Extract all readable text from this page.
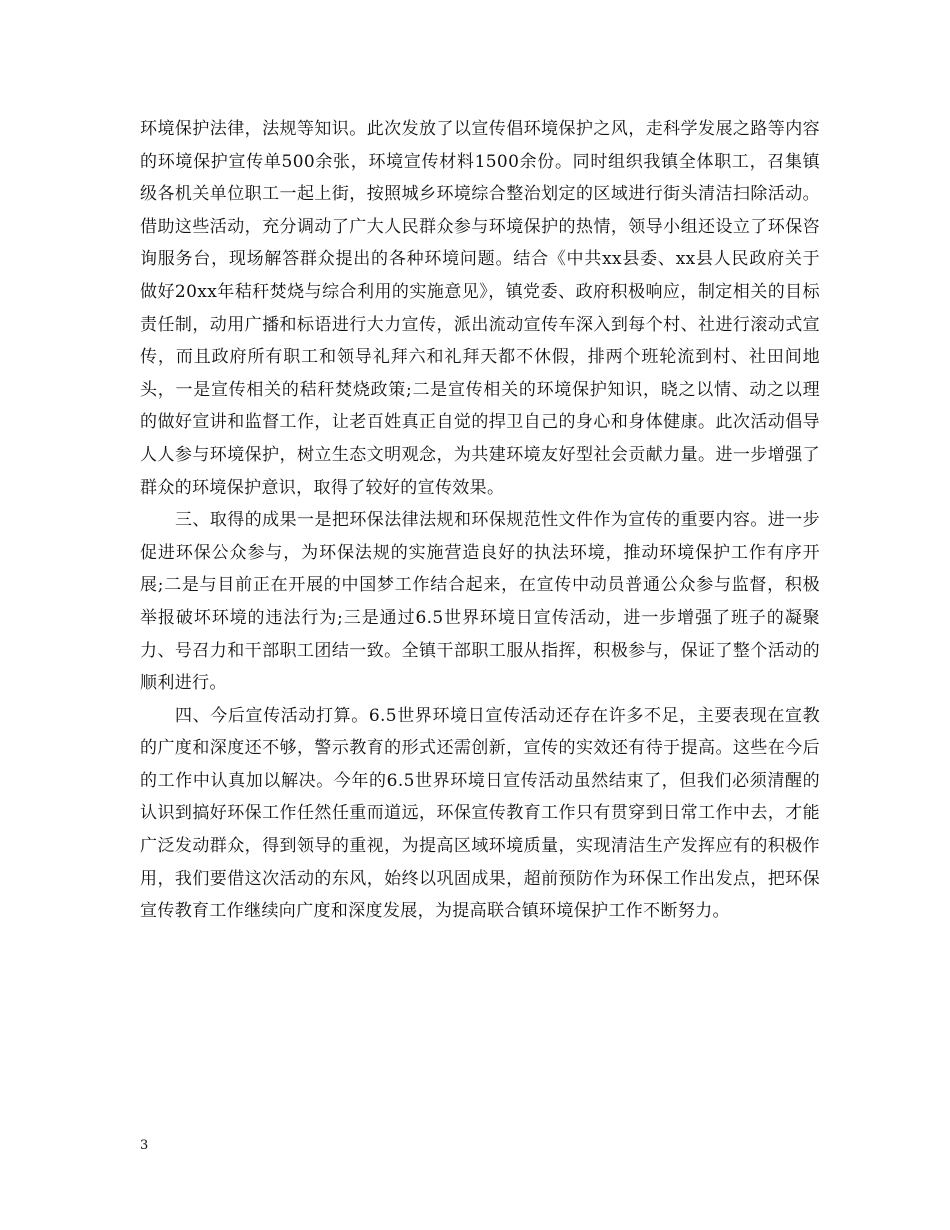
环境保护法律，法规等知识。此次发放了以宣传倡环境保护之风，走科学发展之路等内容的环境保护宣传单500余张，环境宣传材料1500余份。同时组织我镇全体职工，召集镇级各机关单位职工一起上街，按照城乡环境综合整治划定的区域进行街头清洁扫除活动。借助这些活动，充分调动了广大人民群众参与环境保护的热情，领导小组还设立了环保咨询服务台，现场解答群众提出的各种环境问题。结合《中共xx县委、xx县人民政府关于做好20xx年秸秆焚烧与综合利用的实施意见》，镇党委、政府积极响应，制定相关的目标责任制，动用广播和标语进行大力宣传，派出流动宣传车深入到每个村、社进行滚动式宣传，而且政府所有职工和领导礼拜六和礼拜天都不休假，排两个班轮流到村、社田间地头，一是宣传相关的秸秆焚烧政策;二是宣传相关的环境保护知识，晓之以情、动之以理的做好宣讲和监督工作，让老百姓真正自觉的捍卫自己的身心和身体健康。此次活动倡导人人参与环境保护，树立生态文明观念，为共建环境友好型社会贡献力量。进一步增强了群众的环境保护意识，取得了较好的宣传效果。

三、取得的成果一是把环保法律法规和环保规范性文件作为宣传的重要内容。进一步促进环保公众参与，为环保法规的实施营造良好的执法环境，推动环境保护工作有序开展;二是与目前正在开展的中国梦工作结合起来，在宣传中动员普通公众参与监督，积极举报破坏环境的违法行为;三是通过6.5世界环境日宣传活动，进一步增强了班子的凝聚力、号召力和干部职工团结一致。全镇干部职工服从指挥，积极参与，保证了整个活动的顺利进行。

四、今后宣传活动打算。6.5世界环境日宣传活动还存在许多不足，主要表现在宣教的广度和深度还不够，警示教育的形式还需创新，宣传的实效还有待于提高。这些在今后的工作中认真加以解决。今年的6.5世界环境日宣传活动虽然结束了，但我们必须清醒的认识到搞好环保工作任然任重而道远，环保宣传教育工作只有贯穿到日常工作中去，才能广泛发动群众，得到领导的重视，为提高区域环境质量，实现清洁生产发挥应有的积极作用，我们要借这次活动的东风，始终以巩固成果，超前预防作为环保工作出发点，把环保宣传教育工作继续向广度和深度发展，为提高联合镇环境保护工作不断努力。

3
